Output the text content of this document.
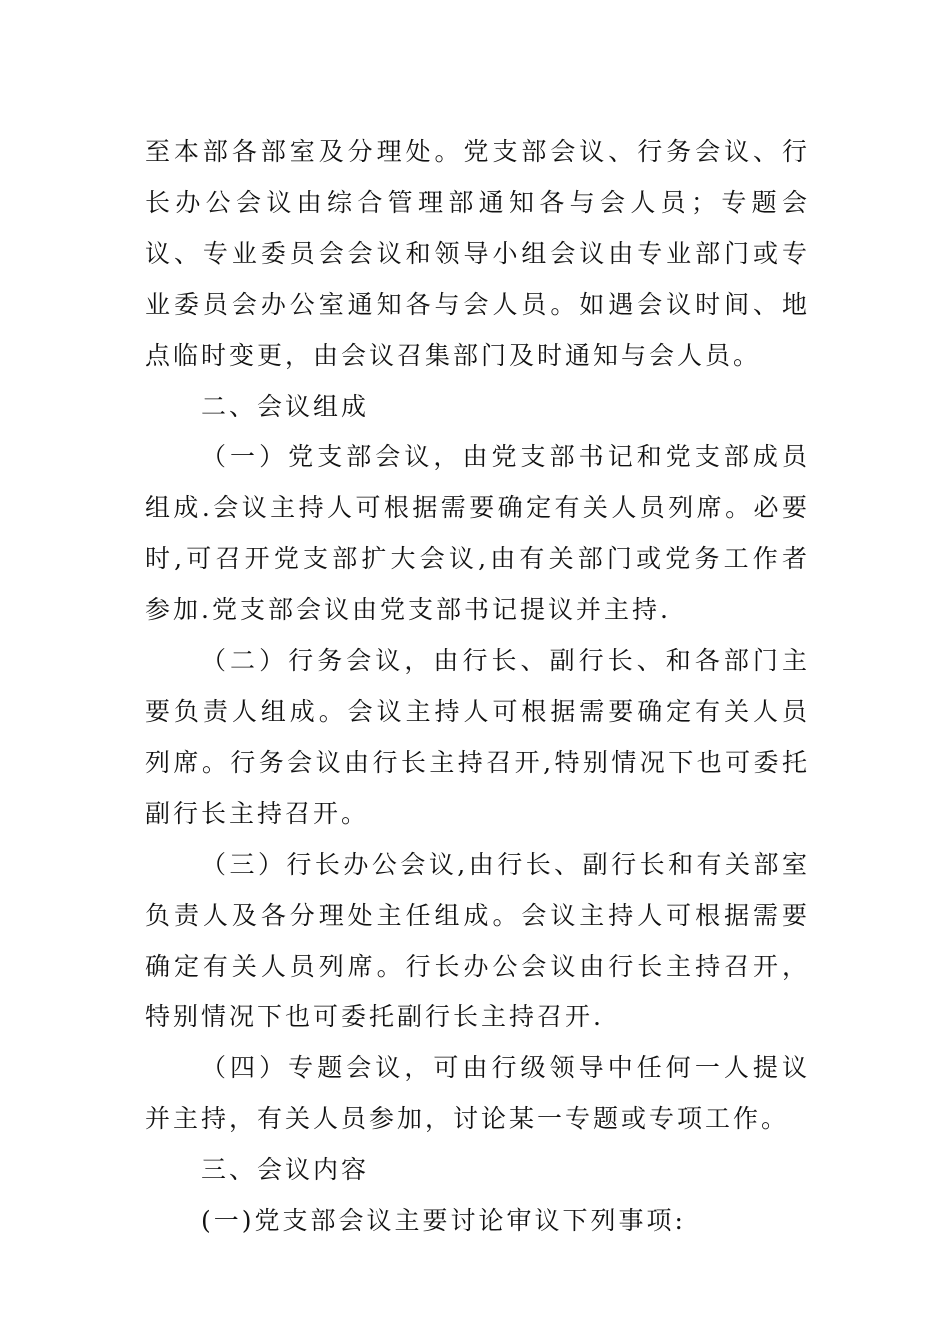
至本部各部室及分理处。党支部会议、行务会议、行长办公会议由综合管理部通知各与会人员；专题会议、专业委员会会议和领导小组会议由专业部门或专业委员会办公室通知各与会人员。如遇会议时间、地点临时变更，由会议召集部门及时通知与会人员。

二、会议组成

（一）党支部会议，由党支部书记和党支部成员组成.会议主持人可根据需要确定有关人员列席。必要时,可召开党支部扩大会议,由有关部门或党务工作者参加.党支部会议由党支部书记提议并主持.

（二）行务会议，由行长、副行长、和各部门主要负责人组成。会议主持人可根据需要确定有关人员列席。行务会议由行长主持召开,特别情况下也可委托副行长主持召开。

（三）行长办公会议,由行长、副行长和有关部室负责人及各分理处主任组成。会议主持人可根据需要确定有关人员列席。行长办公会议由行长主持召开，特别情况下也可委托副行长主持召开.

（四）专题会议，可由行级领导中任何一人提议并主持，有关人员参加，讨论某一专题或专项工作。

三、会议内容

(一)党支部会议主要讨论审议下列事项:
